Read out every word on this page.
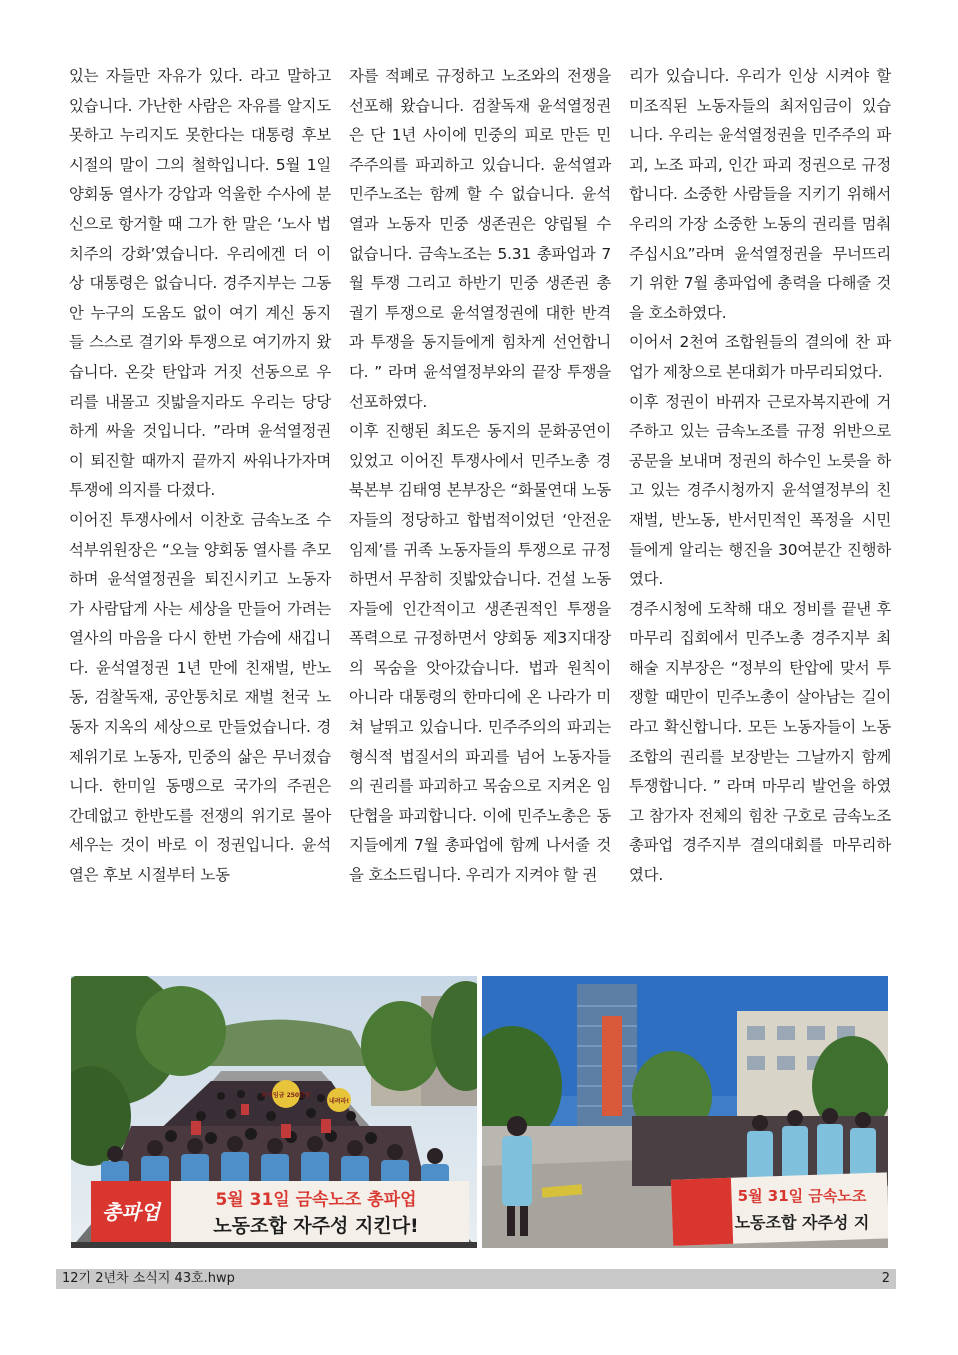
있는 자들만 자유가 있다. 라고 말하고 있습니다. 가난한 사람은 자유를 알지도 못하고 누리지도 못한다는 대통령 후보 시절의 말이 그의 철학입니다. 5월 1일 양회동 열사가 강압과 억울한 수사에 분신으로 항거할 때 그가 한 말은 ‘노사 법치주의 강화’였습니다. 우리에겐 더 이상 대통령은 없습니다. 경주지부는 그동안 누구의 도움도 없이 여기 계신 동지들 스스로 결기와 투쟁으로 여기까지 왔습니다. 온갖 탄압과 거짓 선동으로 우리를 내몰고 짓밟을지라도 우리는 당당하게 싸울 것입니다. ”라며 윤석열정권이 퇴진할 때까지 끝까지 싸워나가자며 투쟁에 의지를 다졌다.

이어진 투쟁사에서 이찬호 금속노조 수석부위원장은 “오늘 양회동 열사를 추모하며 윤석열정권을 퇴진시키고 노동자가 사람답게 사는 세상을 만들어 가려는 열사의 마음을 다시 한번 가슴에 새깁니다. 윤석열정권 1년 만에 친재벌, 반노동, 검찰독재, 공안통치로 재벌 천국 노동자 지옥의 세상으로 만들었습니다. 경제위기로 노동자, 민중의 삶은 무너졌습니다. 한미일 동맹으로 국가의 주권은 간데없고 한반도를 전쟁의 위기로 몰아세우는 것이 바로 이 정권입니다. 윤석열은 후보 시절부터 노동

자를 적폐로 규정하고 노조와의 전쟁을 선포해 왔습니다. 검찰독재 윤석열정권은 단 1년 사이에 민중의 피로 만든 민주주의를 파괴하고 있습니다. 윤석열과 민주노조는 함께 할 수 없습니다. 윤석열과 노동자 민중 생존권은 양립될 수 없습니다. 금속노조는 5.31 총파업과 7월 투쟁 그리고 하반기 민중 생존권 총궐기 투쟁으로 윤석열정권에 대한 반격과 투쟁을 동지들에게 힘차게 선언합니다. ” 라며 윤석열정부와의 끝장 투쟁을 선포하였다.

이후 진행된 최도은 동지의 문화공연이 있었고 이어진 투쟁사에서 민주노총 경북본부 김태영 본부장은 “화물연대 노동자들의 정당하고 합법적이었던 ‘안전운임제’를 귀족 노동자들의 투쟁으로 규정하면서 무참히 짓밟았습니다. 건설 노동자들에 인간적이고 생존권적인 투쟁을 폭력으로 규정하면서 양회동 제3지대장의 목숨을 앗아갔습니다. 법과 원칙이 아니라 대통령의 한마디에 온 나라가 미쳐 날뛰고 있습니다. 민주주의의 파괴는 형식적 법질서의 파괴를 넘어 노동자들의 권리를 파괴하고 목숨으로 지켜온 임단협을 파괴합니다. 이에 민주노총은 동지들에게 7월 총파업에 함께 나서줄 것을 호소드립니다. 우리가 지켜야 할 권

리가 있습니다. 우리가 인상 시켜야 할 미조직된 노동자들의 최저임금이 있습니다. 우리는 윤석열정권을 민주주의 파괴, 노조 파괴, 인간 파괴 정권으로 규정합니다. 소중한 사람들을 지키기 위해서 우리의 가장 소중한 노동의 권리를 멈춰 주십시요”라며 윤석열정권을 무너뜨리기 위한 7월 총파업에 총력을 다해줄 것을 호소하였다.

이어서 2천여 조합원들의 결의에 찬 파업가 제창으로 본대회가 마무리되었다.

이후 정권이 바뀌자 근로자복지관에 거주하고 있는 금속노조를 규정 위반으로 공문을 보내며 정권의 하수인 노릇을 하고 있는 경주시청까지 윤석열정부의 친재벌, 반노동, 반서민적인 폭정을 시민들에게 알리는 행진을 30여분간 진행하였다.

경주시청에 도착해 대오 정비를 끝낸 후 마무리 집회에서 민주노총 경주지부 최해술 지부장은 “정부의 탄압에 맞서 투쟁할 때만이 민주노총이 살아남는 길이라고 확신합니다. 모든 노동자들이 노동조합의 권리를 보장받는 그날까지 함께 투쟁합니다. ” 라며 마무리 발언을 하였고 참가자 전체의 힘찬 구호로 금속노조 총파업 경주지부 결의대회를 마무리하였다.

최저임금 250만원
내려라!
총파업	5월 31일 금속노조 총파업
노동조합 자주성 지킨다!
5월 31일 금속노조
노동조합 자주성 지
12기 2년차 소식지 43호.hwp	2
